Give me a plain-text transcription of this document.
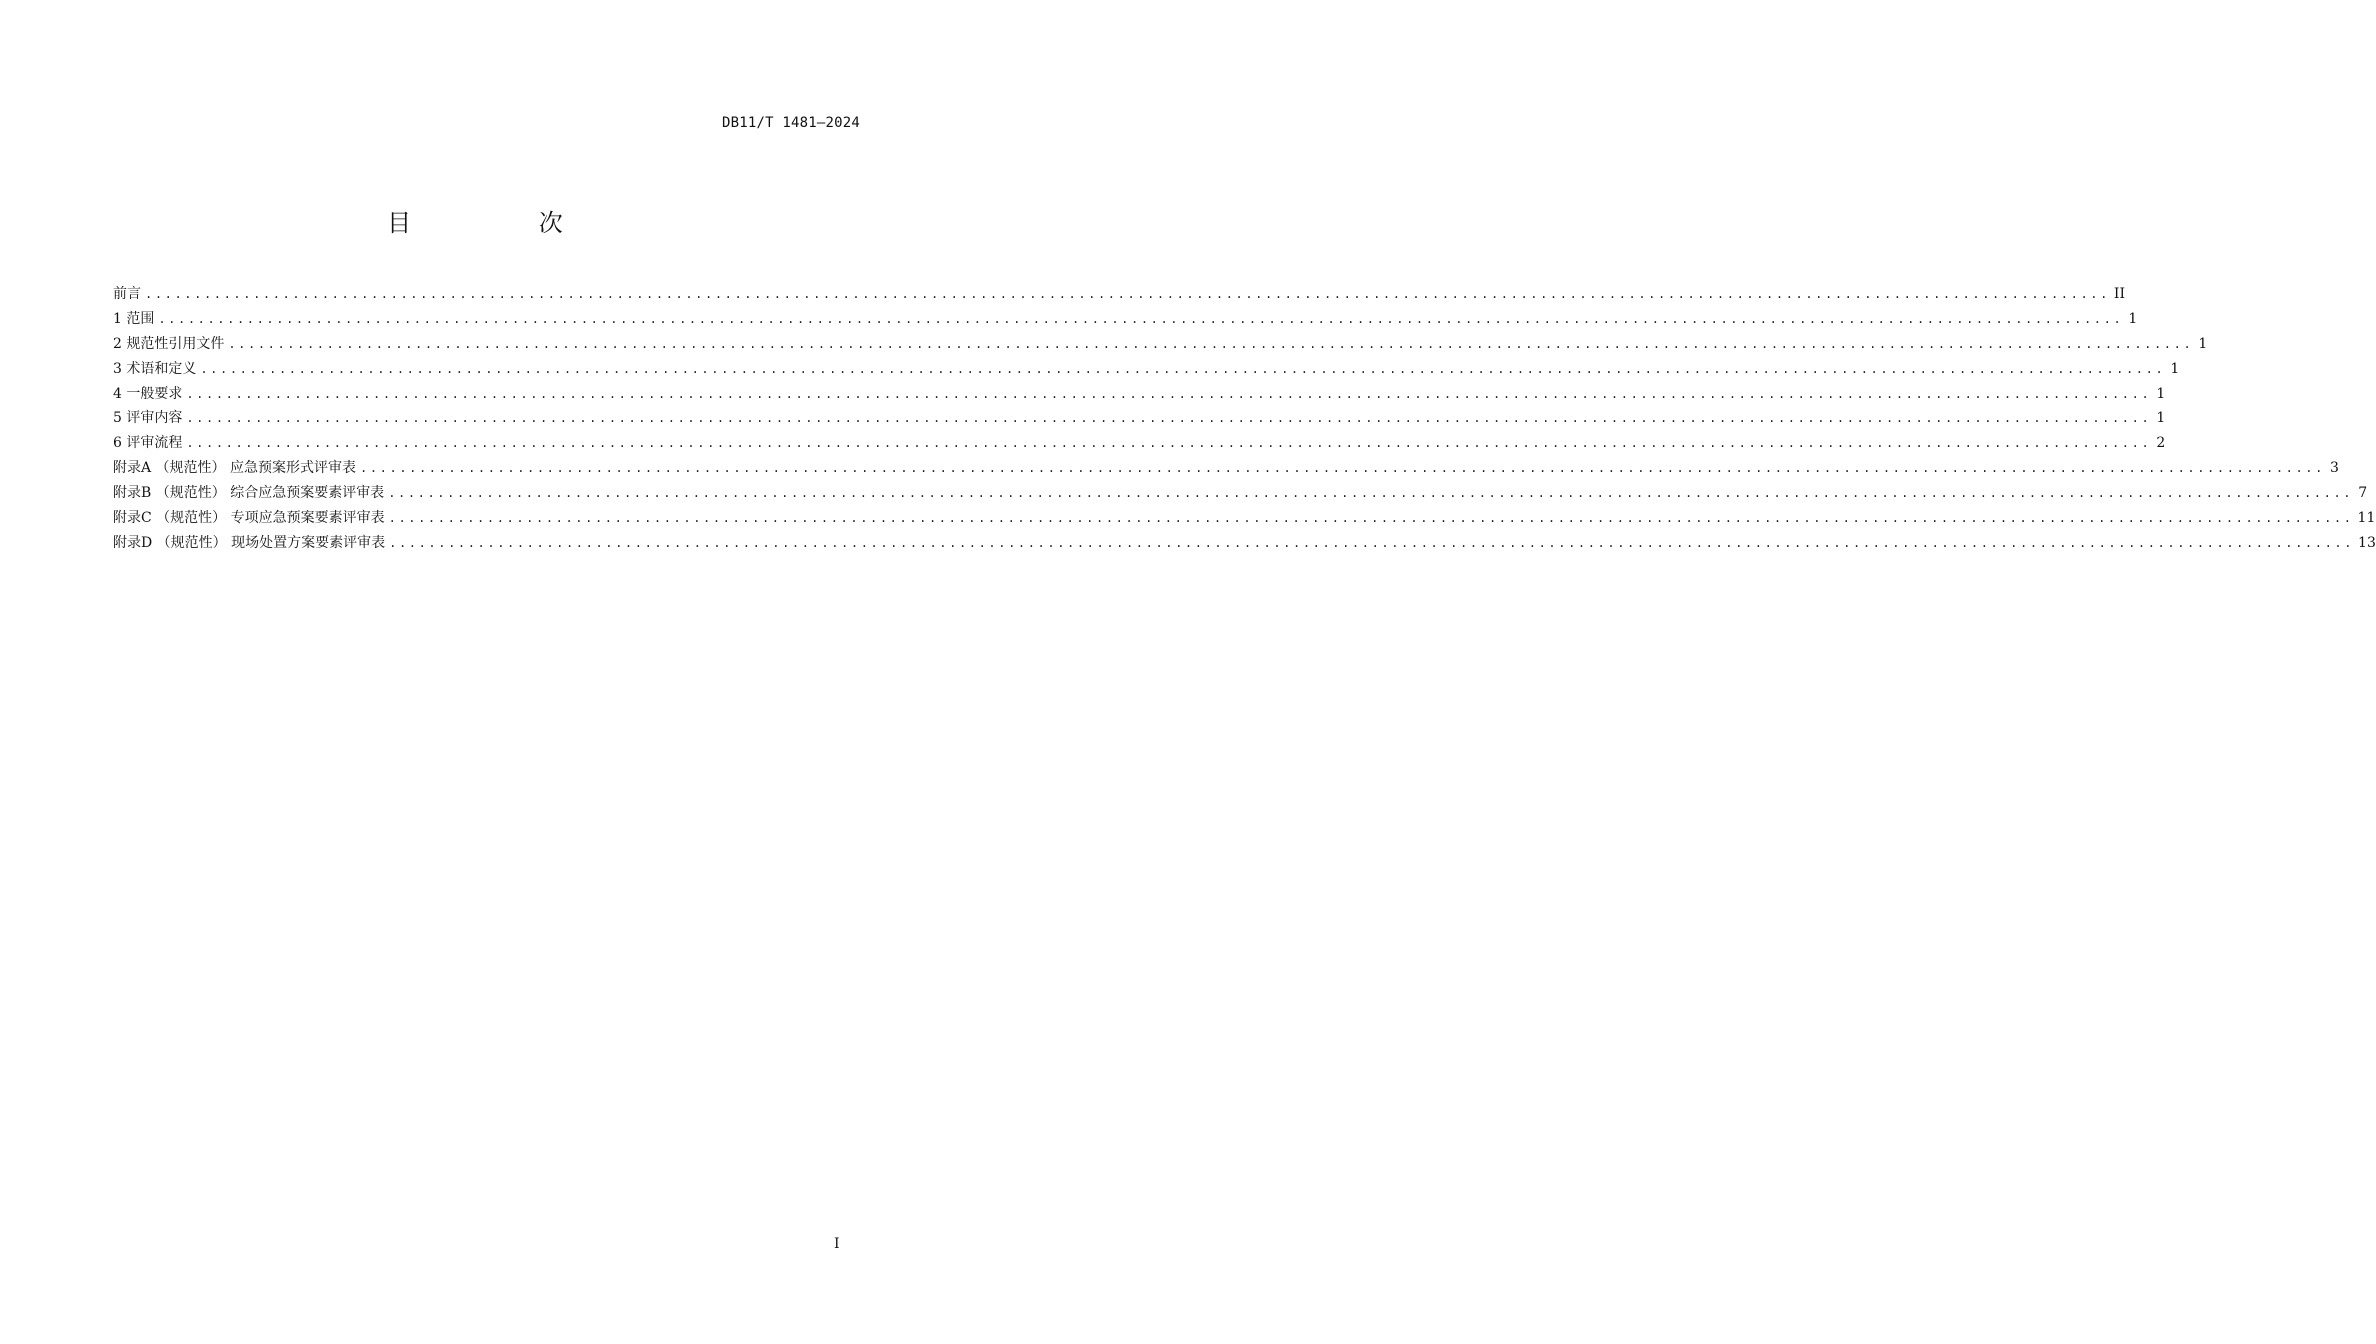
DB11/T 1481—2024
目 次
前言 ........................................................................................................................................................................................................ II
1 范围 ........................................................................................................................................................................................................ 1
2 规范性引用文件 ........................................................................................................................................................................................................ 1
3 术语和定义 ........................................................................................................................................................................................................ 1
4 一般要求 ........................................................................................................................................................................................................ 1
5 评审内容 ........................................................................................................................................................................................................ 1
6 评审流程 ........................................................................................................................................................................................................ 2
附录A （规范性） 应急预案形式评审表 ........................................................................................................................................................................................................ 3
附录B （规范性） 综合应急预案要素评审表 ........................................................................................................................................................................................................ 7
附录C （规范性） 专项应急预案要素评审表 ........................................................................................................................................................................................................ 11
附录D （规范性） 现场处置方案要素评审表 ........................................................................................................................................................................................................ 13
I
